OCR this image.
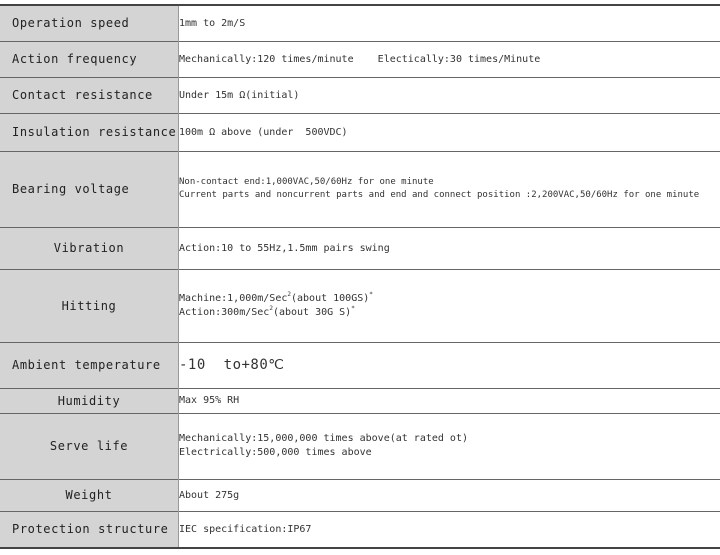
Operation speed	1mm to 2m/S
Action frequency	Mechanically:120 times/minute    Electically:30 times/Minute
Contact resistance	Under 15m Ω(initial)
Insulation resistance	100m Ω above (under  500VDC)
Bearing voltage	Non-contact end:1,000VAC,50/60Hz for one minute
Current parts and noncurrent parts and end and connect position :2,200VAC,50/60Hz for one minute

Vibration	Action:10 to 55Hz,1.5mm pairs swing
Hitting	Machine:1,000m/Sec$^2$(about 100GS)*
Action:300m/Sec$^2$(about 30G S)*

Ambient temperature	-10  to+80℃
Humidity	Max 95% RH
Serve life	Mechanically:15,000,000 times above(at rated ot)
Electrically:500,000 times above

Weight	About 275g
Protection structure	IEC specification:IP67
